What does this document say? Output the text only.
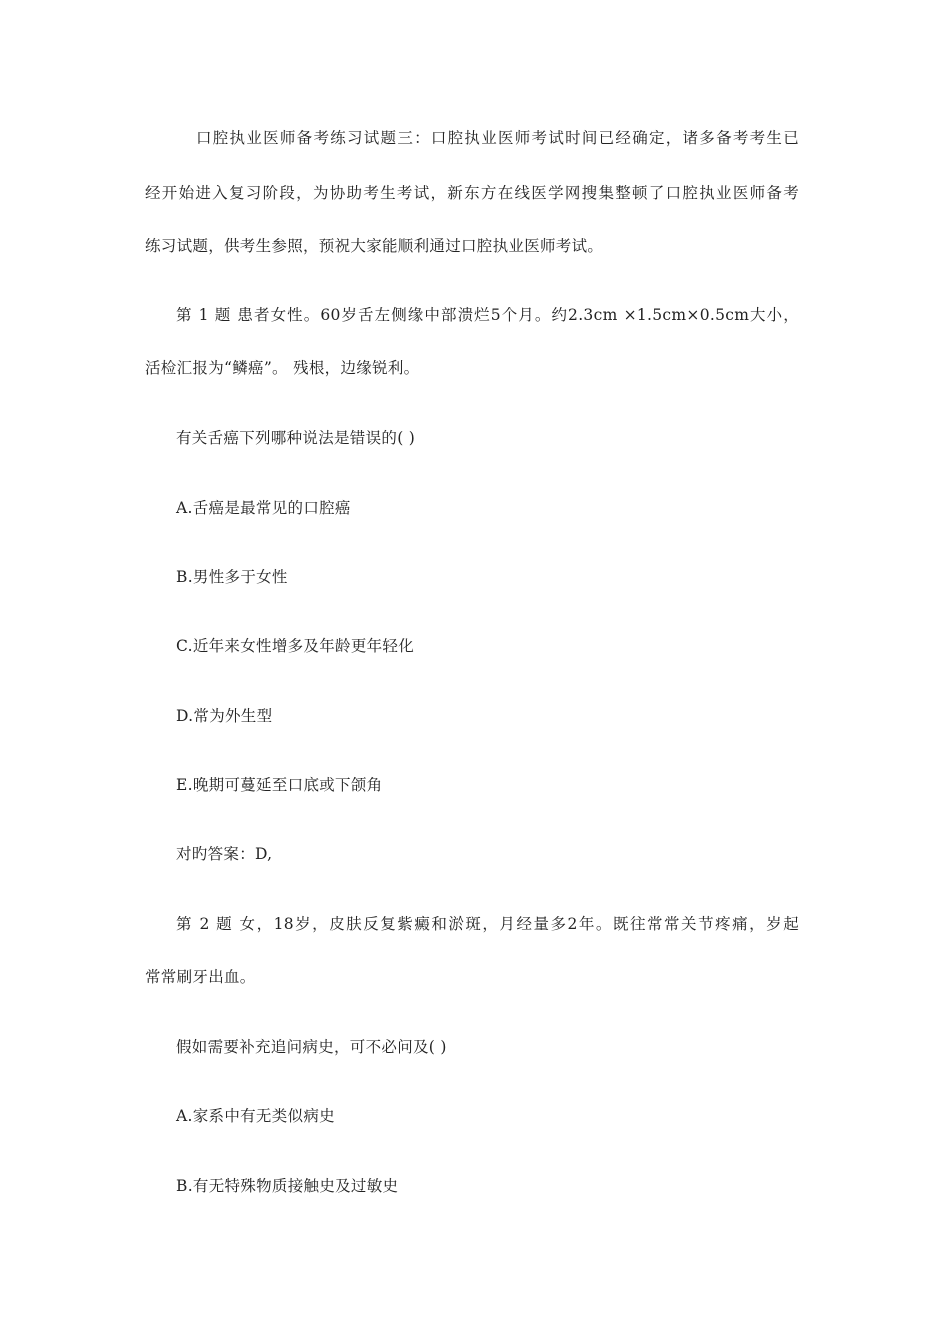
口腔执业医师备考练习试题三：口腔执业医师考试时间已经确定，诸多备考考生已
经开始进入复习阶段，为协助考生考试，新东方在线医学网搜集整顿了口腔执业医师备考
练习试题，供考生参照，预祝大家能顺利通过口腔执业医师考试。
第 1 题 患者女性。60岁舌左侧缘中部溃烂5个月。约2.3cm ×1.5cm×0.5cm大小，
活检汇报为“鳞癌”。 残根，边缘锐利。
有关舌癌下列哪种说法是错误的( )
A.舌癌是最常见的口腔癌
B.男性多于女性
C.近年来女性增多及年龄更年轻化
D.常为外生型
E.晚期可蔓延至口底或下颌角
对旳答案：D,
第 2 题 女，18岁，皮肤反复紫癜和淤斑，月经量多2年。既往常常关节疼痛，岁起
常常刷牙出血。
假如需要补充追问病史，可不必问及( )
A.家系中有无类似病史
B.有无特殊物质接触史及过敏史
